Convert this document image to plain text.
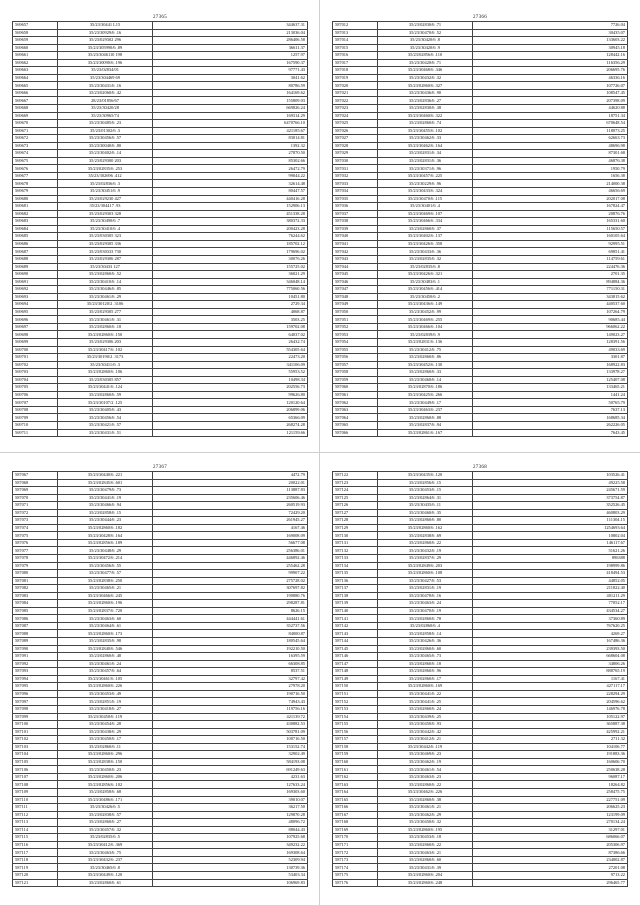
27365
569657	35/23/30441 L15	344637.31
569658	35/23/30929/6 .16	213036.04
569659	35/23/029302 296	286406.58
569660	35/23/305990/6 .89	36611.37
569661	35/23/3046110 198	1257.97
569662	35/23/30090/6 .196	167590.37
569663	35/23/02834/01	97771.43
569664	35/23/304469 69	3041.62
569665	35/23/30431/6 .16	80786.59
569666	35/23/02060/6 .42	164169.62
569667	28/23/01856/67	155809.03
569668	35/23/30420/28	669826.24
569669	35/23/30965/74	169314.29
569670	35/23/30485/6 .23	6470766.10
569671	35/23/01302/6 .3	421185.67
569672	35/23/30456/6 .57	83014.81
569673	35/23/30040/6 .80	1392.32
569674	35/23/30402/6 .14	27870.50
569675	35/23/029300 203	85302.66
569676	35/23/02835/6 .253	26472.79
569677	35/23/302696 .412	99044.22
569678	35/23/02836/6 .3	32614.48
569679	35/23/30451/6 .9	80447.57
569680	35/23/029230 427	440416.28
569681	35/23/304417 .93	152906.13
569682	35/23/029303 328	451338.28
569683	35/23/30490/6 .7	380372.33
569684	35/23/30410/6 .4	200423.28
569685	35/23/030305 323	76244.62
569686	35/23/029305 336	185702.12
569687	35/23/030333 730	179696.02
569688	35/23/029306 287	30076.26
569689	35/23/30433 127	155725.02
569690	35/23/02860/6 .52	36021.29
569691	35/23/30410/6 .14	346048.14
569692	35/23/30446/6 .85	775060.56
569693	35/23/30461/6 .29	10451.80
569694	35/23/30120/2 .3106	2729.34
569695	35/23/029305 277	4068.87
569696	35/23/30461/6 .31	3503.25
569697	35/23/02860/6 .18	159702.08
569698	35/23/02860/6 .150	64037.02
569699	35/23/029306 203	26432.74
569700	35/23/30417/6 .102	554305.64
569701	35/23/30190/2 .3173	22473.20
569702	35/23/30411/6 .3	341106.09
569703	35/23/02860/6 .106	55953.52
569704	35/23/030305 857	10498.34
569705	35/23/30441/6 .124	202556.73
569706	35/23/02860/6 .59	99626.80
569707	35/23/30107/2 .125	120120.64
569708	35/23/30405/6 .43	206899.06
569709	35/23/30456/6 .54	65366.09
569710	35/23/30421/6 .57	268274.28
569711	35/23/30431/6 .51	121159.66
27366
587012	35/23/02830/6 .71	7726.04
587013	35/23/30470/6 .52	30435.07
587014	35/23/30420/6 .8	133603.22
587015	35/23/30420/6 .9	30945.18
587016	35/23/02856/6 .110	128442.16
587017	35/23/30420/6 .71	116356.29
587018	35/23/30468/6 .346	206695.76
587019	35/23/30432/6 .32	46336.16
587020	35/23/02860/6 .327	107726.07
587021	35/23/30436/6 .90	108547.45
587022	35/23/02836/6 .27	207398.09
587023	35/23/02830/6 .38	44620.88
587024	35/23/30460/6 .322	18751.34
587025	35/23/02860/6 .74	670648.54
587026	35/23/30455/6 .102	118073.25
587027	35/23/30462/6 .33	62663.73
587028	35/23/30462/6 .164	48696.98
587029	35/23/02831/6 .34	87301.68
587030	35/23/02831/6 .36	46876.38
587031	35/23/30371/6 .96	1950.79
587032	35/23/30457/6 .225	1656.38
587033	35/23/30229/6 .96	214000.38
587034	35/23/30433/6 .324	46656.69
587035	35/23/30470/6 .115	202017.08
587036	35/23/30401/6 .4	167824.47
587037	35/23/30469/6 .107	20876.76
587038	35/23/30466/6 .334	165331.60
587039	35/23/02860/6 .37	115650.57
587040	35/23/30402/6 .137	160105.64
587041	35/23/30426/6 .358	92995.51
587042	35/23/30433/6 .36	69851.41
587043	35/23/02835/6 .32	114759.61
587044	35/23/02835/6 .8	224476.36
587045	35/23/30426/6 .321	2701.35
587046	35/23/30483/6 .1	894884.36
587047	35/23/30456/6 .414	771150.31
587048	35/23/30450/6 .2	343815.62
587049	35/23/30436/6 .149	440537.60
587050	35/23/30452/6 .99	107264.79
587051	35/23/30469/6 .255	90685.44
587052	35/23/30466/6 .104	966062.22
587053	35/23/02839/6 .9	149023.27
587054	35/23/02831/6 .136	128391.56
587055	35/23/30412/6 .75	49033.69
587056	35/23/02860/6 .86	3301.87
587057	35/23/30452/6 .130	168922.83
587058	35/23/02860/6 .33	133978.27
587059	35/23/30460/6 .14	125407.08
587060	35/23/02870/6 .186	133465.21
587061	35/23/30425/6 .266	1441.24
587062	35/23/30449/6 .17	50765.79
587063	35/23/30463/6 .237	7637.13
587064	35/23/02860/6 .88	168685.34
587065	35/23/02837/6 .94	262226.05
587066	35/23/02861/6 .167	7643.45
27367
587067	35/23/30440/6 .221	4472.79
587068	35/23/02845/6 .601	20022.01
587069	35/23/30479/6 .73	113887.83
587070	35/23/30441/6 .19	235606.46
587071	35/23/30466/6 .94	260519.93
587072	35/23/02858/6 .15	72429.20
587073	35/23/30444/6 .23	261945.27
587074	35/23/02860/6 .182	4167.46
587075	35/23/30428/6 .164	169008.09
587076	35/23/02856/6 .189	56677.08
587077	35/23/30448/6 .29	256386.01
587078	35/23/30472/6 .214	446892.46
587079	35/23/30456/6 .55	255462.28
587080	35/23/30477/6 .57	99907.22
587081	35/23/02838/6 .250	275728.02
587082	35/23/30465/6 .21	307697.82
587083	35/23/30466/6 .245	190880.76
587084	35/23/02860/6 .196	298287.81
587085	35/23/02837/6 .720	8626.15
587086	35/23/30463/6 .60	444441.61
587087	35/23/30464/6 .61	352737.56
587088	35/23/02860/6 .173	84000.87
587089	35/23/02835/6 .98	180545.64
587090	35/23/02840/6 .546	192210.50
587091	35/23/02860/6 .48	16395.59
587092	35/23/30461/6 .24	66308.85
587093	35/23/30457/6 .64	8537.51
587094	35/23/30461/6 .105	32797.42
587095	35/23/02860/6 .226	27978.20
587096	35/23/30453/6 .49	190716.50
587097	35/23/02851/6 .19	74943.43
587098	35/23/30418/6 .27	119756.16
587099	35/23/30450/6 .119	421139.72
587100	35/23/30454/6 .28	430882.53
587101	35/23/30438/6 .29	503781.09
587102	35/23/30450/6 .17	100716.50
587103	35/23/02860/6 .11	153152.74
587104	35/23/02860/6 .296	32902.49
587105	35/23/02838/6 .150	584193.08
587106	35/23/30450/6 .23	691249.63
587107	35/23/02860/6 .206	4231.63
587108	35/23/02856/6 .102	127633.24
587109	35/23/02858/6 .68	169303.60
587110	35/23/30486/6 .171	39010.07
587111	35/23/30426/6 .5	36217.50
587112	35/23/02838/6 .57	129870.28
587113	35/23/02860/6 .27	48096.72
587114	35/23/30457/6 .32	88044.43
587115	35/23/02835/6 .5	107925.68
587116	35/23/30412/6 .369	349232.22
587117	35/23/30463/6 .75	169308.64
587118	35/23/30432/6 .237	52309.94
587119	35/23/30465/6 .8	130739.36
587120	35/23/30449/6 .120	53403.34
587121	35/23/02860/6 .61	106969.83
27368
587122	35/23/30435/6 .120	103526.41
587123	35/23/02856/6 .15	49225.58
587124	35/23/30453/6 .15	245671.59
587125	35/23/02864/6 .31	373754.87
587126	35/23/30435/6 .11	352526.45
587127	35/23/30460/6 .35	460803.29
587128	35/23/02860/6 .80	111304.15
587129	35/23/02860/6 .162	1254693.64
587130	35/23/02838/6 .69	10802.04
587131	35/23/02860/6 .22	146117.67
587132	35/23/30432/6 .19	51621.26
587133	35/23/02837/6 .29	896388
587134	35/23/02849/6 .203	198999.86
587135	35/23/02860/6 .108	418494.53
587136	35/23/30427/6 .53	44852.05
587137	35/23/02831/6 .19	211822.40
587138	35/23/30478/6 .16	401211.29
587139	35/23/30463/6 .24	77052.17
587140	35/23/30470/6 .19	434534.27
587141	35/23/02860/6 .78	37360.89
587142	35/23/02860/6 .4	767620.25
587143	35/23/02858/6 .14	4269.27
587144	35/23/30426/6 .36	167486.36
587145	35/23/02860/6 .60	239393.50
587146	35/23/30465/6 .73	668604.08
587147	35/23/02860/6 .18	34806.26
587148	35/23/02860/6 .96	888765.19
587149	35/23/02860/6 .17	1167.41
587150	35/23/02860/6 .169	427117.17
587151	35/23/30441/6 .22	228294.29
587152	35/23/30441/6 .25	204596.62
587153	35/23/02860/6 .24	146976.78
587154	35/23/30439/6 .25	105122.97
587155	35/23/30450/6 .93	365887.38
587156	35/23/30442/6 .42	425992.21
587157	35/23/30412/6 .21	2711.32
587158	35/23/30442/6 .119	104106.77
587159	35/23/30469/6 .23	191883.36
587160	35/23/30462/6 .19	160606.70
587161	35/23/30461/6 .54	250638.28
587162	35/23/30463/6 .23	96087.17
587163	35/23/02860/6 .22	18264.82
587164	35/23/30462/6 .226	258475.75
587165	35/23/02860/6 .38	227751.09
587166	35/23/30461/6 .21	206625.23
587167	35/23/30462/6 .29	123199.09
587168	35/23/30450/6 .32	270134.24
587169	35/23/02860/6 .195	31297.01
587170	35/23/30453/6 .18	686066.07
587171	35/23/02860/6 .22	205306.97
587172	35/23/30463/6 .21	87386.66
587173	35/23/02860/6 .60	234002.87
587174	35/23/30431/6 .39	27201.08
587175	35/23/02860/6 .204	9713.22
587176	35/23/02860/6 .248	296465.77
